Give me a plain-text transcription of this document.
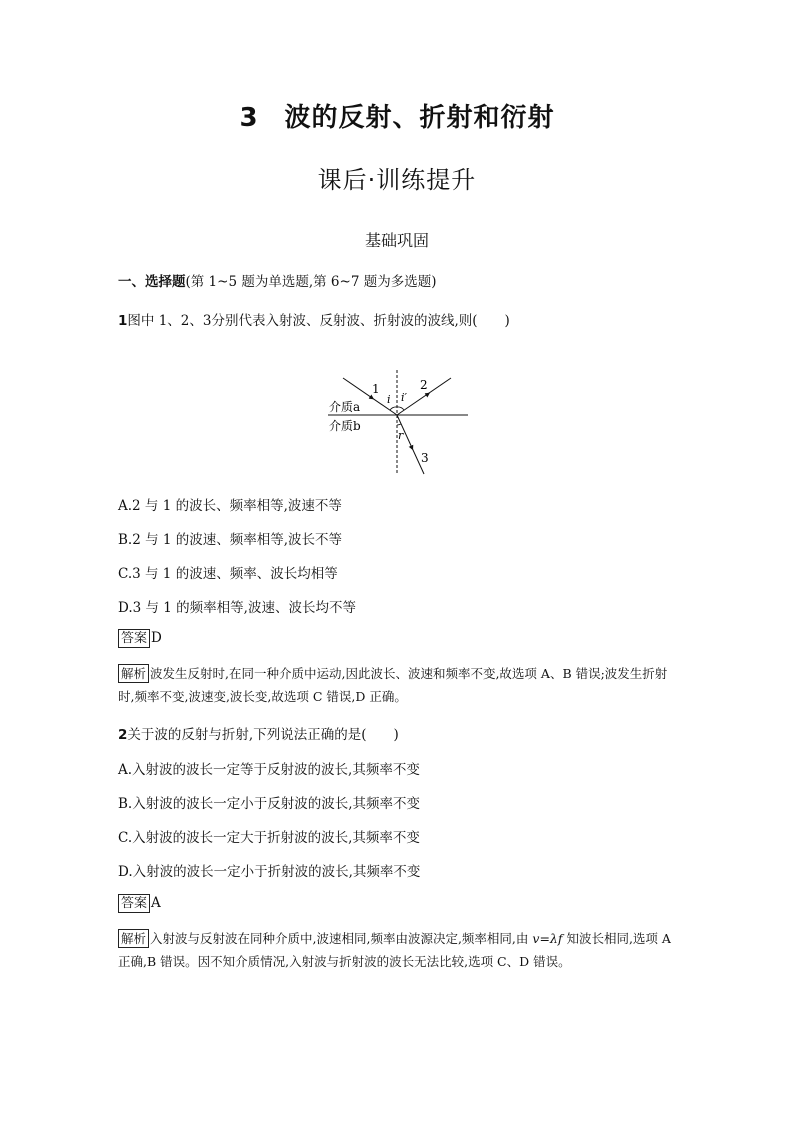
3 波的反射、折射和衍射
课后·训练提升
基础巩固
一、选择题(第 1~5 题为单选题,第 6~7 题为多选题)
1图中 1、2、3分别代表入射波、反射波、折射波的波线,则(　　)
1	2
3
i i′
r
介质a
介质b
A.2 与 1 的波长、频率相等,波速不等
B.2 与 1 的波速、频率相等,波长不等
C.3 与 1 的波速、频率、波长均相等
D.3 与 1 的频率相等,波速、波长均不等
答案 D
解析 波发生反射时,在同一种介质中运动,因此波长、波速和频率不变,故选项 A、B 错误;波发生折射时,频率不变,波速变,波长变,故选项 C 错误,D 正确。
2关于波的反射与折射,下列说法正确的是(　　)
A.入射波的波长一定等于反射波的波长,其频率不变
B.入射波的波长一定小于反射波的波长,其频率不变
C.入射波的波长一定大于折射波的波长,其频率不变
D.入射波的波长一定小于折射波的波长,其频率不变
答案 A
解析 入射波与反射波在同种介质中,波速相同,频率由波源决定,频率相同,由 v=λf 知波长相同,选项 A 正确,B 错误。因不知介质情况,入射波与折射波的波长无法比较,选项 C、D 错误。
